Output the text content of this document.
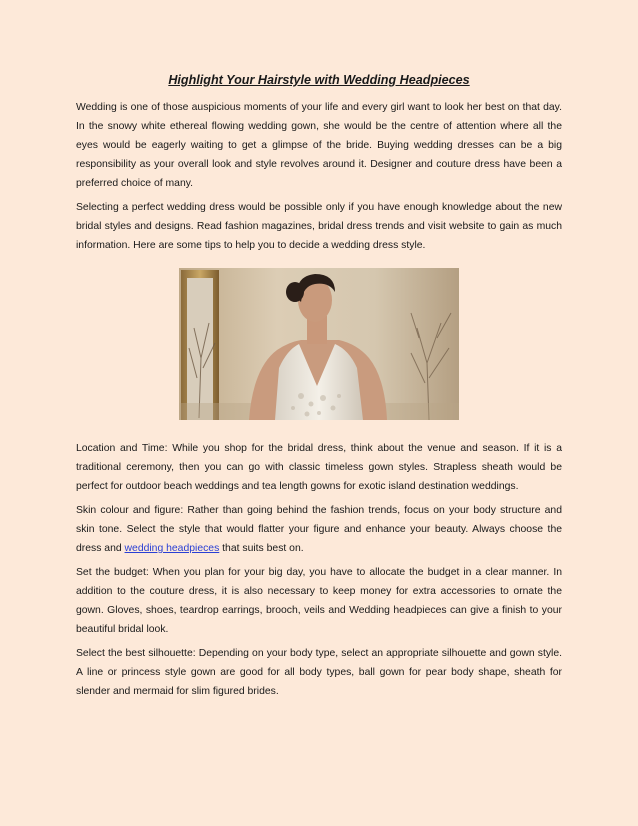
Highlight Your Hairstyle with Wedding Headpieces

Wedding is one of those auspicious moments of your life and every girl want to look her best on that day. In the snowy white ethereal flowing wedding gown, she would be the centre of attention where all the eyes would be eagerly waiting to get a glimpse of the bride. Buying wedding dresses can be a big responsibility as your overall look and style revolves around it. Designer and couture dress have been a preferred choice of many.

Selecting a perfect wedding dress would be possible only if you have enough knowledge about the new bridal styles and designs. Read fashion magazines, bridal dress trends and visit website to gain as much information. Here are some tips to help you to decide a wedding dress style.

Location and Time: While you shop for the bridal dress, think about the venue and season. If it is a traditional ceremony, then you can go with classic timeless gown styles. Strapless sheath would be perfect for outdoor beach weddings and tea length gowns for exotic island destination weddings.

Skin colour and figure: Rather than going behind the fashion trends, focus on your body structure and skin tone. Select the style that would flatter your figure and enhance your beauty. Always choose the dress and wedding headpieces that suits best on.

Set the budget: When you plan for your big day, you have to allocate the budget in a clear manner. In addition to the couture dress, it is also necessary to keep money for extra accessories to ornate the gown. Gloves, shoes, teardrop earrings, brooch, veils and Wedding headpieces can give a finish to your beautiful bridal look.

Select the best silhouette: Depending on your body type, select an appropriate silhouette and gown style. A line or princess style gown are good for all body types, ball gown for pear body shape, sheath for slender and mermaid for slim figured brides.
